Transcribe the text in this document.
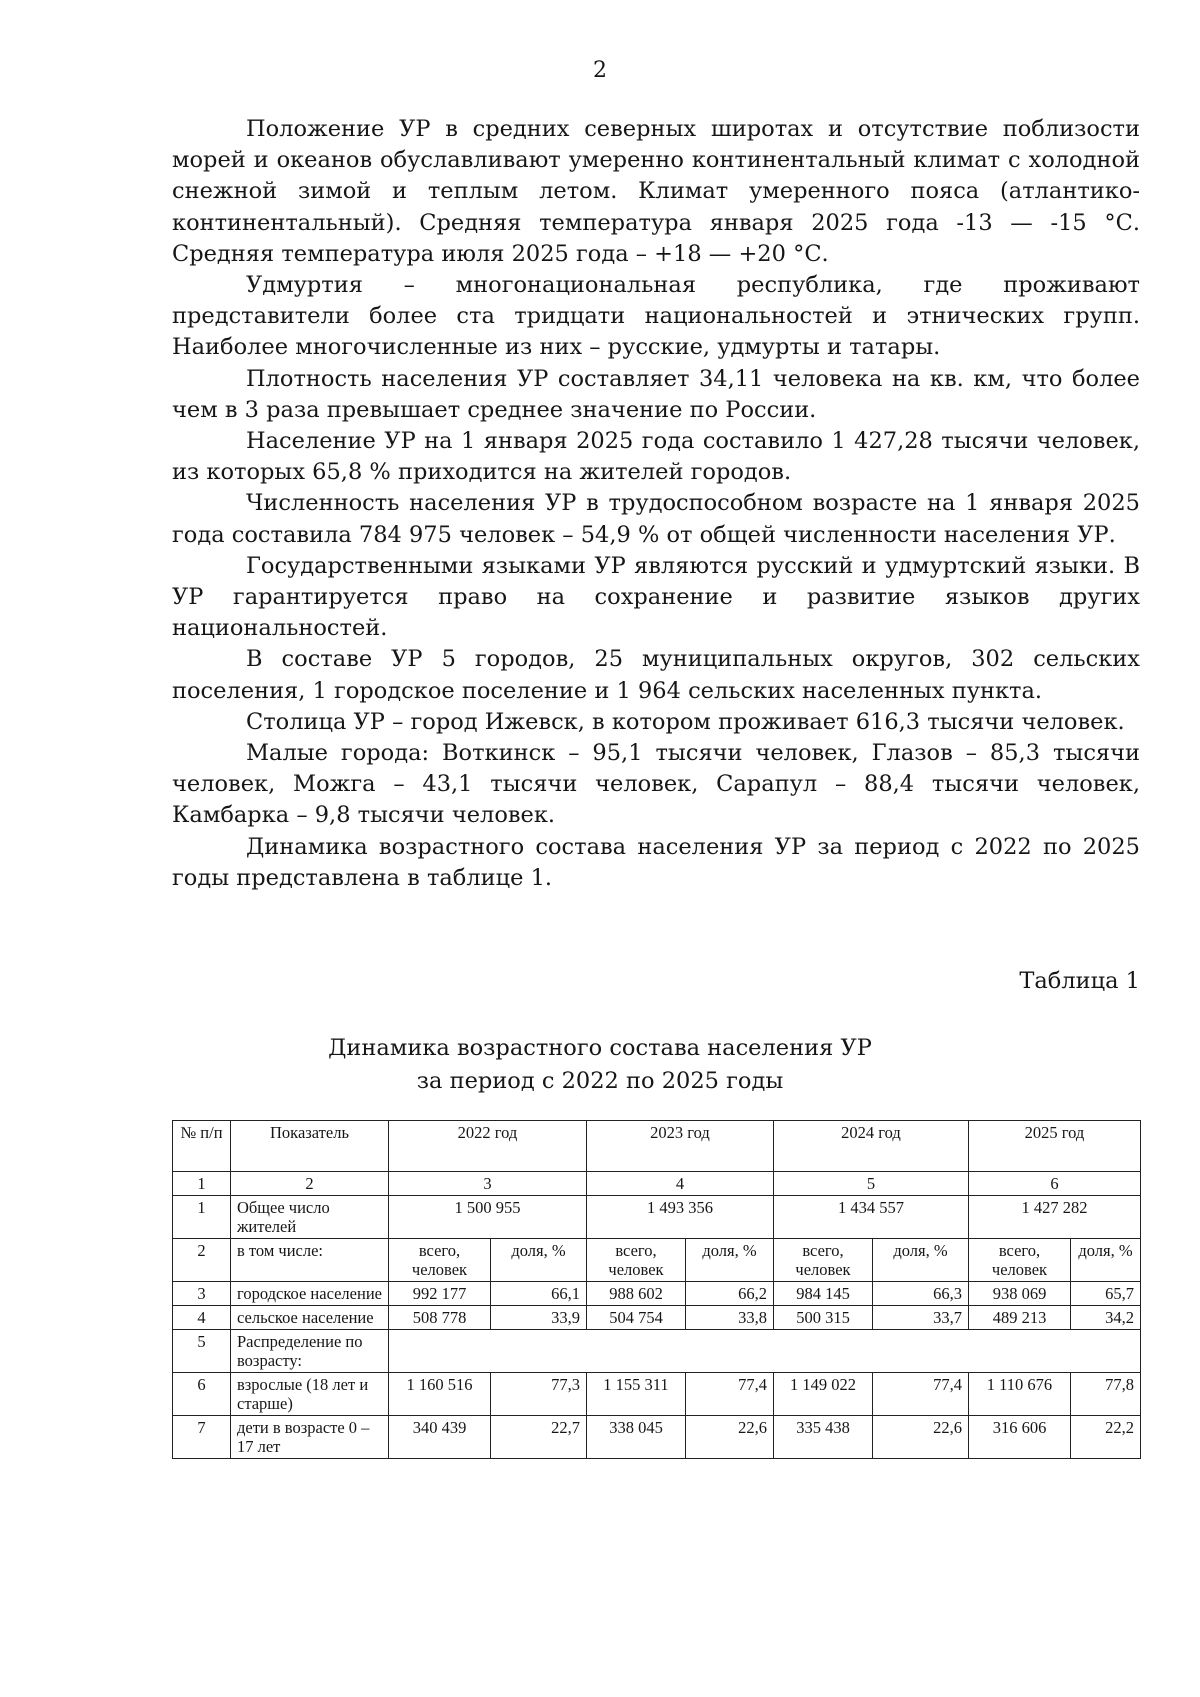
2

Положение УР в средних северных широтах и отсутствие поблизости морей и океанов обуславливают умеренно континентальный климат с холодной снежной зимой и теплым летом. Климат умеренного пояса (атлантико-континентальный). Средняя температура января 2025 года -13 — -15 °С. Средняя температура июля 2025 года – +18 — +20 °С.

Удмуртия – многонациональная республика, где проживают представители более ста тридцати национальностей и этнических групп. Наиболее многочисленные из них – русские, удмурты и татары.

Плотность населения УР составляет 34,11 человека на кв. км, что более чем в 3 раза превышает среднее значение по России.

Население УР на 1 января 2025 года составило 1 427,28 тысячи человек, из которых 65,8 % приходится на жителей городов.

Численность населения УР в трудоспособном возрасте на 1 января 2025 года составила 784 975 человек – 54,9 % от общей численности населения УР.

Государственными языками УР являются русский и удмуртский языки. В УР гарантируется право на сохранение и развитие языков других национальностей.

В составе УР 5 городов, 25 муниципальных округов, 302 сельских поселения, 1 городское поселение и 1 964 сельских населенных пункта.

Столица УР – город Ижевск, в котором проживает 616,3 тысячи человек.

Малые города: Воткинск – 95,1 тысячи человек, Глазов – 85,3 тысячи человек, Можга – 43,1 тысячи человек, Сарапул – 88,4 тысячи человек, Камбарка – 9,8 тысячи человек.

Динамика возрастного состава населения УР за период с 2022 по 2025 годы представлена в таблице 1.

Таблица 1
Динамика возрастного состава населения УР
за период с 2022 по 2025 годы
№ п/п	Показатель	2022 год		2023 год		2024 год		2025 год	
1	2	3		4		5		6	
1	Общее число жителей	1 500 955		1 493 356		1 434 557		1 427 282	
2	в том числе:	всего, человек	доля, %	всего, человек	доля, %	всего, человек	доля, %	всего, человек	доля, %
3	городское население	992 177	66,1	988 602	66,2	984 145	66,3	938 069	65,7
4	сельское население	508 778	33,9	504 754	33,8	500 315	33,7	489 213	34,2
5	Распределение по возрасту:								
6	взрослые (18 лет и старше)	1 160 516	77,3	1 155 311	77,4	1 149 022	77,4	1 110 676	77,8
7	дети в возрасте 0 – 17 лет	340 439	22,7	338 045	22,6	335 438	22,6	316 606	22,2
